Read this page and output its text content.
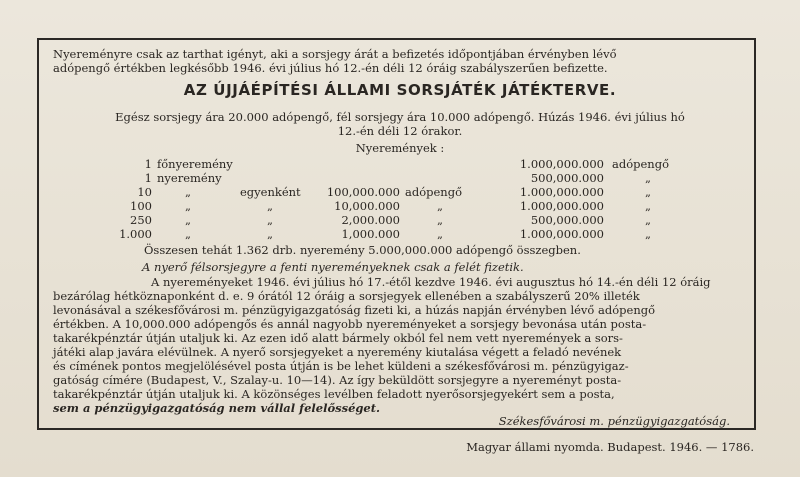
Nyereményre csak az tarthat igényt, aki a sorsjegy árát a befizetés időpontjában érvényben lévő
adópengő értékben legkésőbb 1946. évi július hó 12.-én déli 12 óráig szabályszerűen befizette.
AZ ÚJJÁÉPÍTÉSI ÁLLAMI SORSJÁTÉK JÁTÉKTERVE.
Egész sorsjegy ára 20.000 adópengő, fél sorsjegy ára 10.000 adópengő. Húzás 1946. évi július hó
12.-én déli 12 órakor.
Nyeremények :
1 főnyeremény	1.000,000.000 adópengő
1 nyeremény	500,000.000	„
10	„	egyenként	100,000.000 adópengő	1.000,000.000	„
100	„	„	10,000.000	„	1.000,000.000	„
250	„	„	2,000.000	„	500,000.000	„
1.000	„	„	1,000.000	„	1.000,000.000	„
Összesen tehát 1.362 drb. nyeremény 5.000,000.000 adópengő összegben.
A nyerő félsorsjegyre a fenti nyereményeknek csak a felét fizetik.
A nyereményeket 1946. évi július hó 17.-étől kezdve 1946. évi augusztus hó 14.-én déli 12 óráig
bezárólag hétköznaponként d. e. 9 órától 12 óráig a sorsjegyek ellenében a szabályszerű 20% illeték
levonásával a székesfővárosi m. pénzügyigazgatóság fizeti ki, a húzás napján érvényben lévő adópengő
értékben. A 10,000.000 adópengős és annál nagyobb nyereményeket a sorsjegy bevonása után posta-
takarékpénztár útján utaljuk ki. Az ezen idő alatt bármely okból fel nem vett nyeremények a sors-
játéki alap javára elévülnek. A nyerő sorsjegyeket a nyeremény kiutalása végett a feladó nevének
és címének pontos megjelölésével posta útján is be lehet küldeni a székesfővárosi m. pénzügyigaz-
gatóság címére (Budapest, V., Szalay-u. 10—14). Az így beküldött sorsjegyre a nyereményt posta-
takarékpénztár útján utaljuk ki. A közönséges levélben feladott nyerősorsjegyekért sem a posta,
sem a pénzügyigazgatóság nem vállal felelősséget.
Székesfővárosi m. pénzügyigazgatóság.
Magyar állami nyomda. Budapest. 1946. — 1786.
